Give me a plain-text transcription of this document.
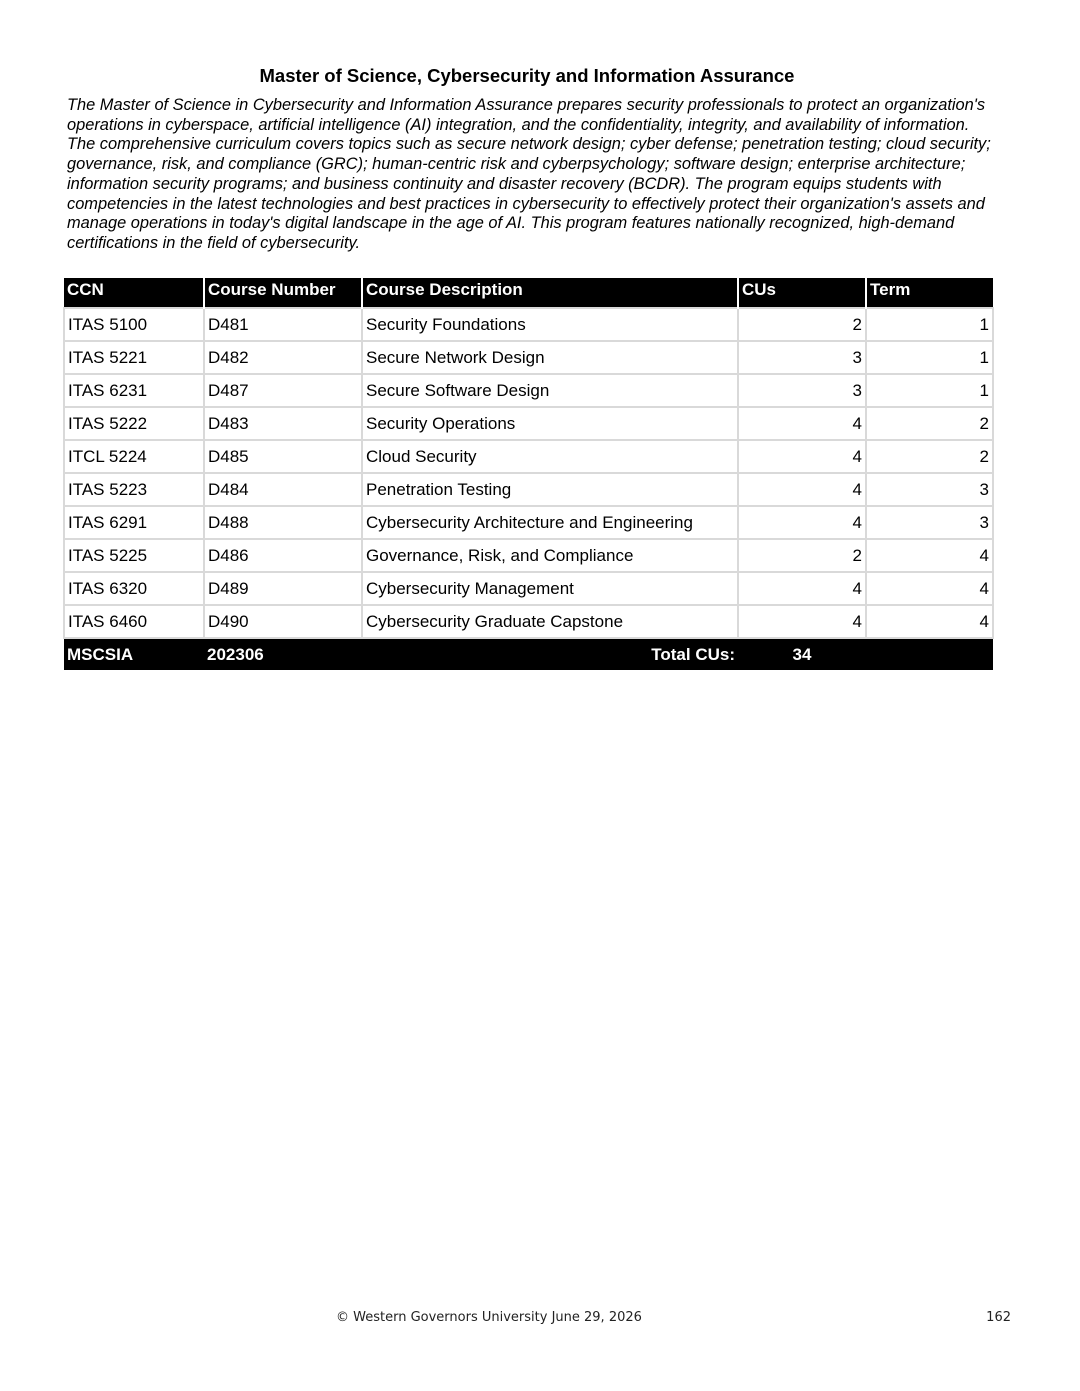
Master of Science, Cybersecurity and Information Assurance
The Master of Science in Cybersecurity and Information Assurance prepares security professionals to protect an organization's operations in cyberspace, artificial intelligence (AI) integration, and the confidentiality, integrity, and availability of information. The comprehensive curriculum covers topics such as secure network design; cyber defense; penetration testing; cloud security; governance, risk, and compliance (GRC); human-centric risk and cyberpsychology; software design; enterprise architecture; information security programs; and business continuity and disaster recovery (BCDR). The program equips students with competencies in the latest technologies and best practices in cybersecurity to effectively protect their organization's assets and manage operations in today's digital landscape in the age of AI. This program features nationally recognized, high-demand certifications in the field of cybersecurity.
CCN	Course Number	Course Description	CUs	Term
ITAS 5100	D481	Security Foundations	2	1
ITAS 5221	D482	Secure Network Design	3	1
ITAS 6231	D487	Secure Software Design	3	1
ITAS 5222	D483	Security Operations	4	2
ITCL 5224	D485	Cloud Security	4	2
ITAS 5223	D484	Penetration Testing	4	3
ITAS 6291	D488	Cybersecurity Architecture and Engineering	4	3
ITAS 5225	D486	Governance, Risk, and Compliance	2	4
ITAS 6320	D489	Cybersecurity Management	4	4
ITAS 6460	D490	Cybersecurity Graduate Capstone	4	4
MSCSIA	202306	Total CUs:	34	
© Western Governors University June 29, 2026	162
